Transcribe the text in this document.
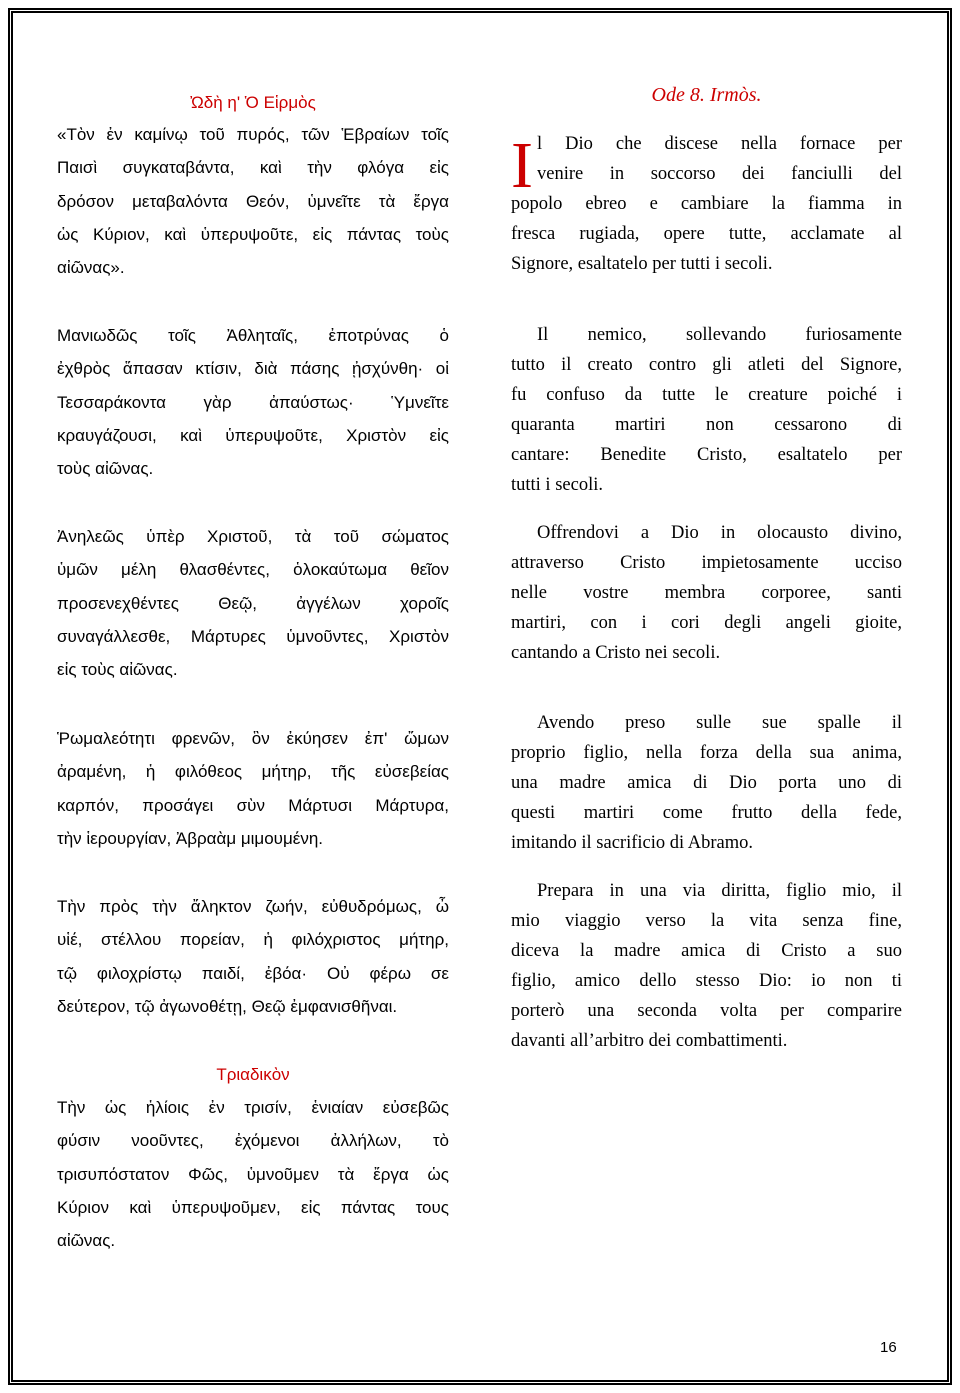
Ὠδὴ η' Ὁ Εἱρμὸς
«Τὸν ἐν καμίνῳ τοῦ πυρός, τῶν Ἑβραίων τοῖς
Παισὶ συγκαταβάντα, καὶ τὴν φλόγα εἰς
δρόσον μεταβαλόντα Θεόν, ὑμνεῖτε τὰ ἔργα
ὡς Κύριον, καὶ ὑπερυψοῦτε, εἰς πάντας τοὺς
αἰῶνας».
Μανιωδῶς τοῖς Ἀθληταῖς, ἐποτρύνας ὁ
ἐχθρὸς ἅπασαν κτίσιν, διὰ πάσης ᾐσχύνθη· οἱ
Τεσσαράκοντα γὰρ ἀπαύστως· Ὑμνεῖτε
κραυγάζουσι, καὶ ὑπερυψοῦτε, Χριστὸν εἰς
τοὺς αἰῶνας.
Ἀνηλεῶς ὑπὲρ Χριστοῦ, τὰ τοῦ σώματος
ὑμῶν μέλη θλασθέντες, ὁλοκαύτωμα θεῖον
προσενεχθέντες Θεῷ, ἀγγέλων χοροῖς
συναγάλλεσθε, Μάρτυρες ὑμνοῦντες, Χριστὸν
εἰς τοὺς αἰῶνας.
Ῥωμαλεότητι φρενῶν, ὃν ἐκύησεν ἐπ' ὤμων
ἀραμένη, ἡ φιλόθεος μήτηρ, τῆς εὐσεβείας
καρπόν, προσάγει σὺν Μάρτυσι Μάρτυρα,
τὴν ἱερουργίαν, Ἀβραὰμ μιμουμένη.
Τὴν πρὸς τὴν ἄληκτον ζωήν, εὐθυδρόμως, ὦ
υἱέ, στέλλου πορείαν, ἡ φιλόχριστος μήτηρ,
τῷ φιλοχρίστῳ παιδί, ἐβόα· Οὐ φέρω σε
δεύτερον, τῷ ἀγωνοθέτῃ, Θεῷ ἐμφανισθῆναι.
Τριαδικὸν
Τὴν ὡς ἡλίοις ἐν τρισίν, ἑνιαίαν εὐσεβῶς
φύσιν νοοῦντες, ἐχόμενοι ἀλλήλων, τὸ
τρισυπόστατον Φῶς, ὑμνοῦμεν τὰ ἔργα ὡς
Κύριον καὶ ὑπερυψοῦμεν, εἰς πάντας τους
αἰῶνας.
Ode 8. Irmòs.
I l Dio che discese nella fornace per
venire in soccorso dei fanciulli del
popolo ebreo e cambiare la fiamma in
fresca rugiada, opere tutte, acclamate al
Signore, esaltatelo per tutti i secoli.
Il nemico, sollevando furiosamente
tutto il creato contro gli atleti del Signore,
fu confuso da tutte le creature poiché i
quaranta martiri non cessarono di
cantare: Benedite Cristo, esaltatelo per
tutti i secoli.
Offrendovi a Dio in olocausto divino,
attraverso Cristo impietosamente ucciso
nelle vostre membra corporee, santi
martiri, con i cori degli angeli gioite,
cantando a Cristo nei secoli.
Avendo preso sulle sue spalle il
proprio figlio, nella forza della sua anima,
una madre amica di Dio porta uno di
questi martiri come frutto della fede,
imitando il sacrificio di Abramo.
Prepara in una via diritta, figlio mio, il
mio viaggio verso la vita senza fine,
diceva la madre amica di Cristo a suo
figlio, amico dello stesso Dio: io non ti
porterò una seconda volta per comparire
davanti all’arbitro dei combattimenti.
16
